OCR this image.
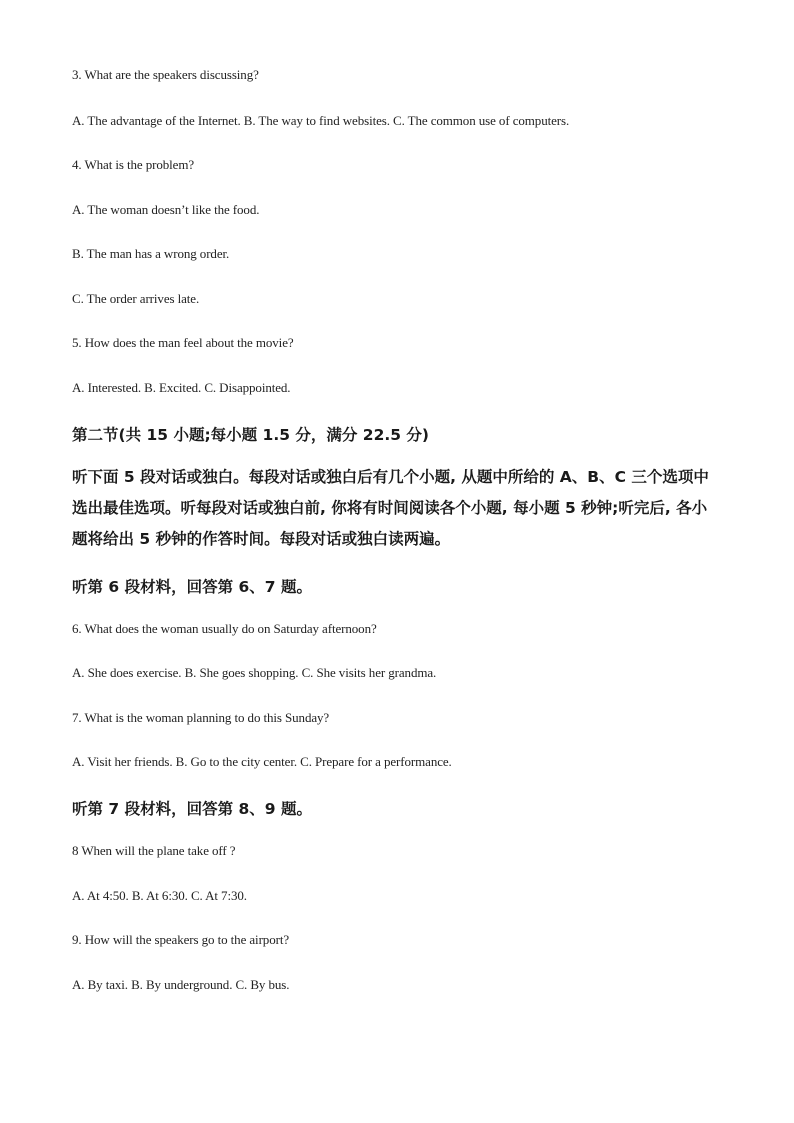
3. What are the speakers discussing?
A. The advantage of the Internet. B. The way to find websites. C. The common use of computers.
4. What is the problem?
A. The woman doesn’t like the food.
B. The man has a wrong order.
C. The order arrives late.
5. How does the man feel about the movie?
A. Interested. B. Excited. C. Disappointed.
第二节(共 15 小题;每小题 1.5 分，满分 22.5 分)
听下面 5 段对话或独白。每段对话或独白后有几个小题, 从题中所给的 A、B、C 三个选项中选出最佳选项。听每段对话或独白前, 你将有时间阅读各个小题, 每小题 5 秒钟;听完后, 各小题将给出 5 秒钟的作答时间。每段对话或独白读两遍。
听第 6 段材料，回答第 6、7 题。
6. What does the woman usually do on Saturday afternoon?
A. She does exercise. B. She goes shopping. C. She visits her grandma.
7. What is the woman planning to do this Sunday?
A. Visit her friends. B. Go to the city center. C. Prepare for a performance.
听第 7 段材料，回答第 8、9 题。
8 When will the plane take off ?
A. At 4:50. B. At 6:30. C. At 7:30.
9. How will the speakers go to the airport?
A. By taxi. B. By underground. C. By bus.
